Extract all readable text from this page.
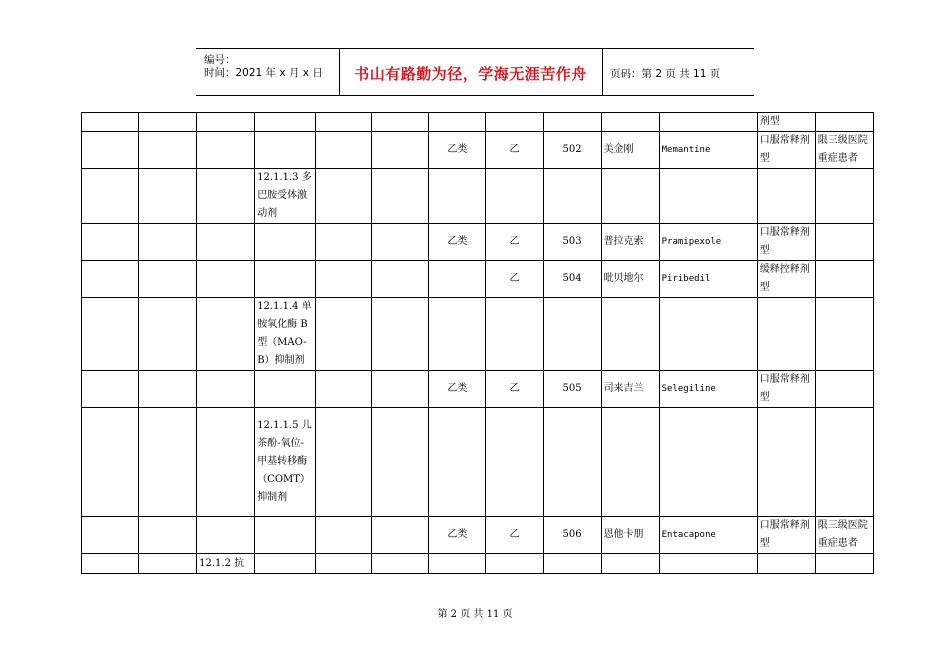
编号：
时间：2021 年 x 月 x 日	书山有路勤为径，学海无涯苦作舟	页码：第 2 页 共 11 页
											剂型	
						乙类	乙	502	美金刚	Memantine	口服常释剂型	限三级医院重症患者
			12.1.1.3 多巴胺受体激动剂									
						乙类	乙	503	普拉克索	Pramipexole	口服常释剂型	
							乙	504	吡贝地尔	Piribedil	缓释控释剂型	
			12.1.1.4 单胺氧化酶 B 型（MAO-B）抑制剂									
						乙类	乙	505	司来吉兰	Selegiline	口服常释剂型	
			12.1.1.5 儿茶酚-氧位-甲基转移酶（COMT）抑制剂									
						乙类	乙	506	恩他卡朋	Entacapone	口服常释剂型	限三级医院重症患者
		12.1.2 抗										
第 2 页 共 11 页
